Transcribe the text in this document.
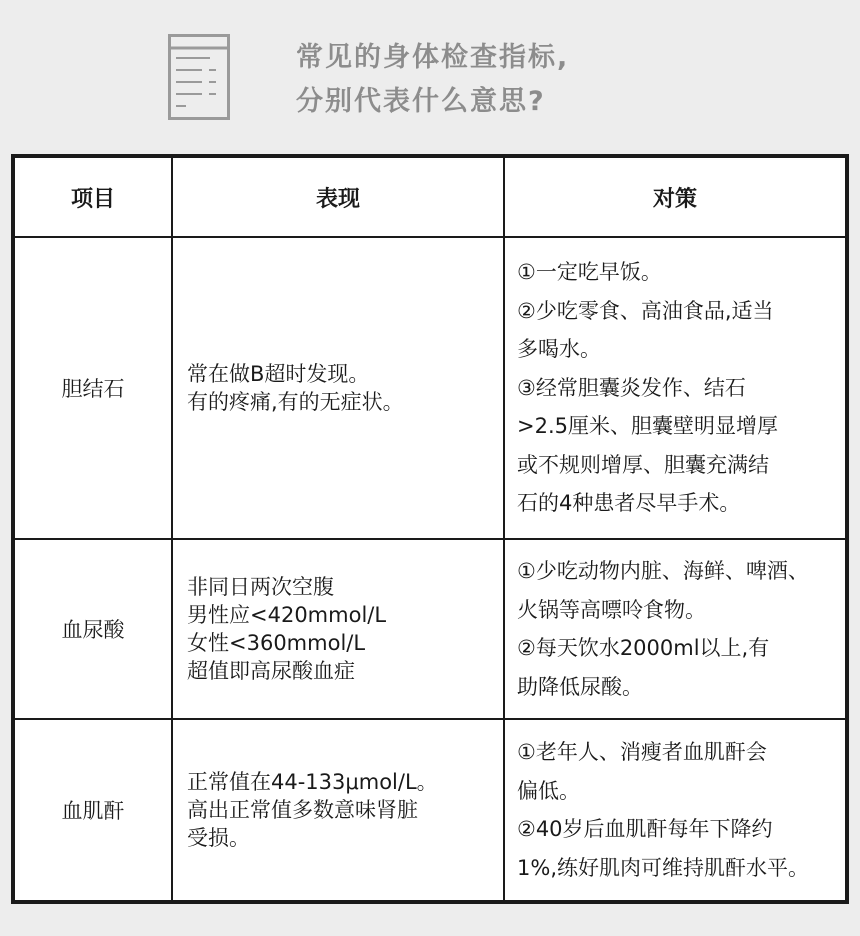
常见的身体检查指标,
分别代表什么意思?
项目	表现	对策
胆结石
常在做B超时发现。
有的疼痛,有的无症状。
①一定吃早饭。
②少吃零食、高油食品,适当
多喝水。
③经常胆囊炎发作、结石
>2.5厘米、胆囊壁明显增厚
或不规则增厚、胆囊充满结
石的4种患者尽早手术。
血尿酸
非同日两次空腹
男性应<420mmol/L
女性<360mmol/L
超值即高尿酸血症
①少吃动物内脏、海鲜、啤酒、
火锅等高嘌呤食物。
②每天饮水2000ml以上,有
助降低尿酸。
血肌酐
正常值在44-133μmol/L。
高出正常值多数意味肾脏
受损。
①老年人、消瘦者血肌酐会
偏低。
②40岁后血肌酐每年下降约
1%,练好肌肉可维持肌酐水平。
